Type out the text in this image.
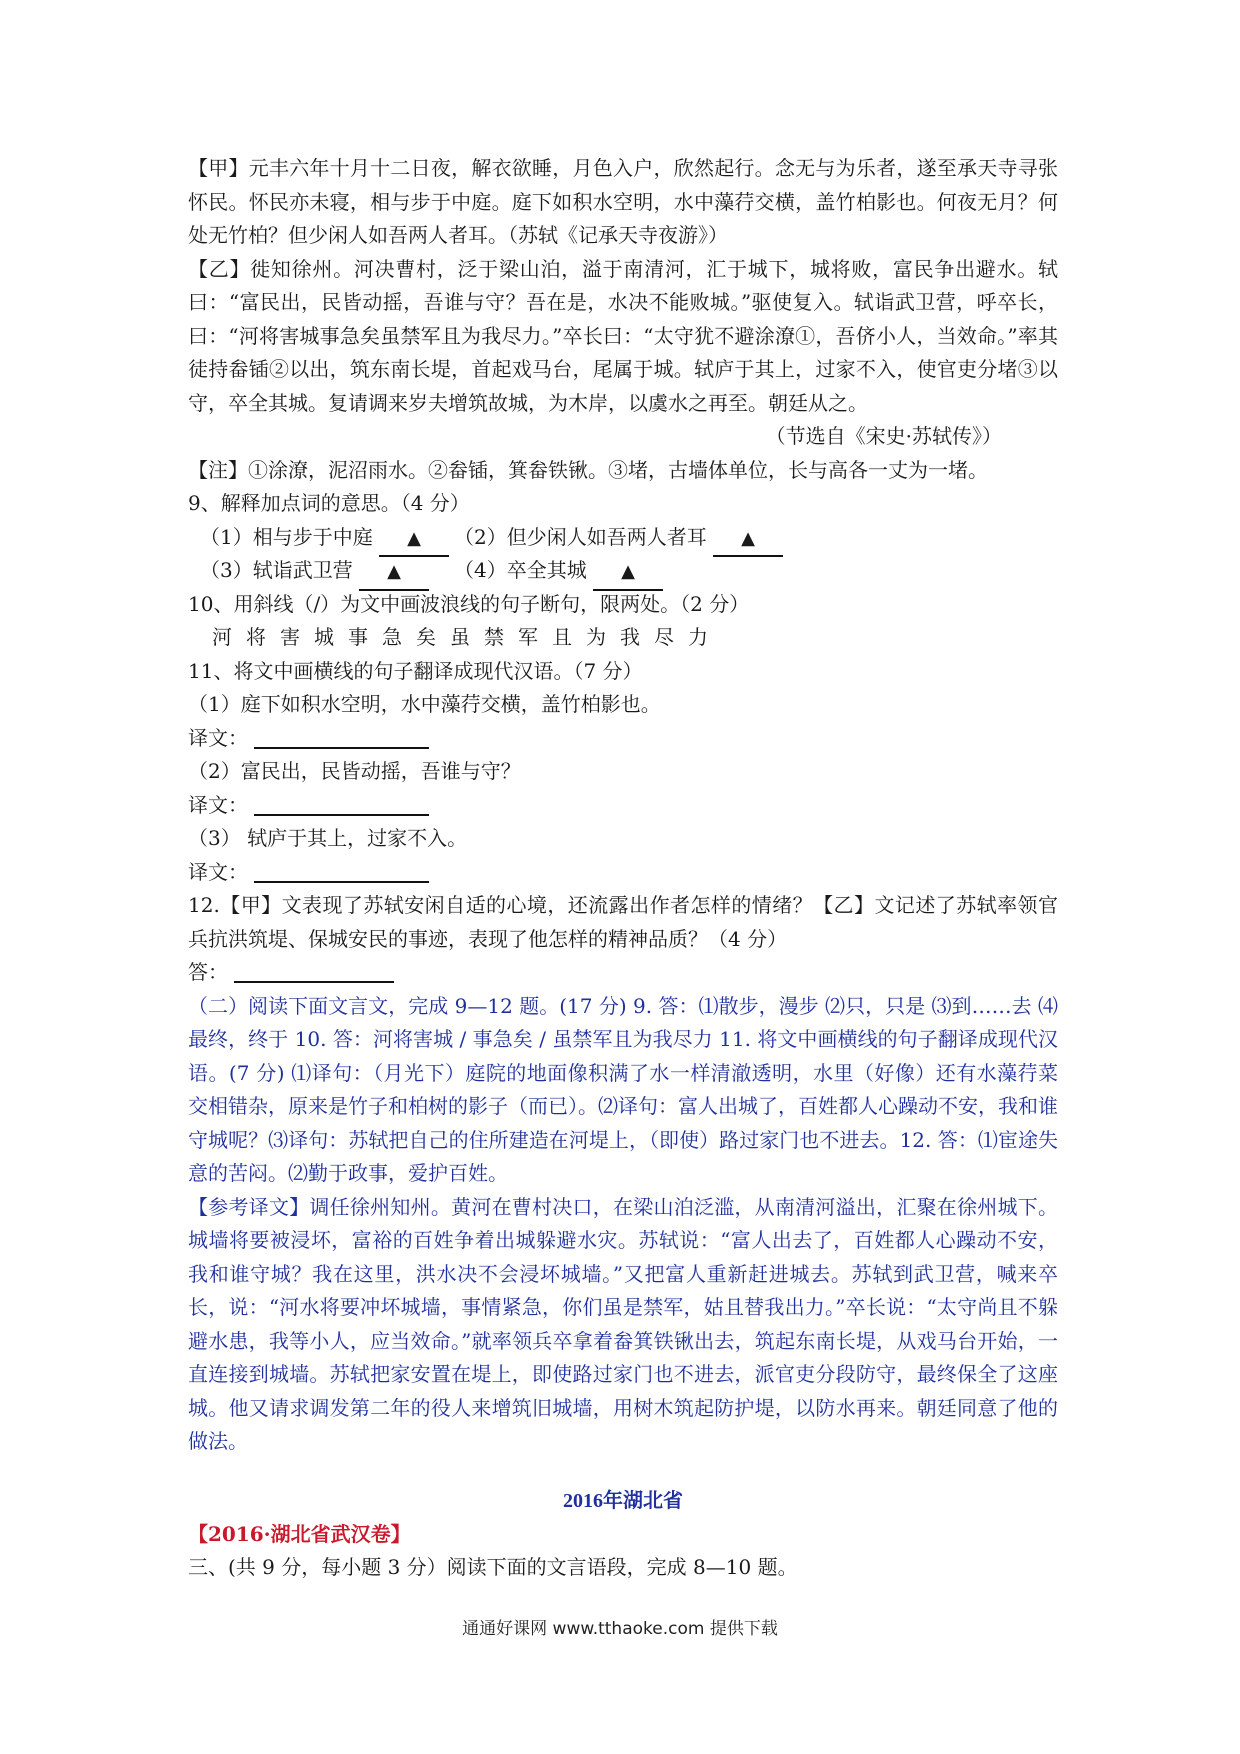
【甲】元丰六年十月十二日夜，解衣欲睡，月色入户，欣然起行。念无与为乐者，遂至承天寺寻张怀民。怀民亦未寝，相与步于中庭。庭下如积水空明，水中藻荇交横，盖竹柏影也。何夜无月？何处无竹柏？但少闲人如吾两人者耳。（苏轼《记承天寺夜游》）

【乙】徙知徐州。河决曹村，泛于梁山泊，溢于南清河，汇于城下，城将败，富民争出避水。轼曰：“富民出，民皆动摇，吾谁与守？吾在是，水决不能败城。”驱使复入。轼诣武卫营，呼卒长，曰：“河将害城事急矣虽禁军且为我尽力。”卒长曰：“太守犹不避涂潦①，吾侪小人，当效命。”率其徒持畚锸②以出，筑东南长堤，首起戏马台，尾属于城。轼庐于其上，过家不入，使官吏分堵③以守，卒全其城。复请调来岁夫增筑故城，为木岸，以虞水之再至。朝廷从之。

（节选自《宋史·苏轼传》）

【注】①涂潦，泥沼雨水。②畚锸，箕畚铁锹。③堵，古墙体单位，长与高各一丈为一堵。

9、解释加点词的意思。（4 分）

（1）相与步于中庭 ▲	（2）但少闲人如吾两人者耳 ▲
（3）轼诣武卫营 ▲	（4）卒全其城 ▲

10、用斜线（/）为文中画波浪线的句子断句，限两处。（2 分）

河将害城事急矣虽禁军且为我尽力

11、将文中画横线的句子翻译成现代汉语。（7 分）

（1）庭下如积水空明，水中藻荇交横，盖竹柏影也。

译文：

（2）富民出，民皆动摇，吾谁与守？

译文：

（3） 轼庐于其上，过家不入。

译文：

12.【甲】文表现了苏轼安闲自适的心境，还流露出作者怎样的情绪？【乙】文记述了苏轼率领官兵抗洪筑堤、保城安民的事迹，表现了他怎样的精神品质？（4 分）

答：

（二）阅读下面文言文，完成 9—12 题。(17 分) 9. 答：⑴散步，漫步 ⑵只，只是 ⑶到……去 ⑷最终，终于 10. 答：河将害城 / 事急矣 / 虽禁军且为我尽力 11. 将文中画横线的句子翻译成现代汉语。(7 分) ⑴译句：（月光下）庭院的地面像积满了水一样清澈透明，水里（好像）还有水藻荇菜交相错杂，原来是竹子和柏树的影子（而已）。⑵译句：富人出城了，百姓都人心躁动不安，我和谁守城呢？⑶译句：苏轼把自己的住所建造在河堤上，（即使）路过家门也不进去。12. 答：⑴宦途失意的苦闷。⑵勤于政事，爱护百姓。

【参考译文】调任徐州知州。黄河在曹村决口，在梁山泊泛滥，从南清河溢出，汇聚在徐州城下。城墙将要被浸坏，富裕的百姓争着出城躲避水灾。苏轼说：“富人出去了，百姓都人心躁动不安，我和谁守城？我在这里，洪水决不会浸坏城墙。”又把富人重新赶进城去。苏轼到武卫营，喊来卒长，说：“河水将要冲坏城墙，事情紧急，你们虽是禁军，姑且替我出力。”卒长说：“太守尚且不躲避水患，我等小人，应当效命。”就率领兵卒拿着畚箕铁锹出去，筑起东南长堤，从戏马台开始，一直连接到城墙。苏轼把家安置在堤上，即使路过家门也不进去，派官吏分段防守，最终保全了这座城。他又请求调发第二年的役人来增筑旧城墙，用树木筑起防护堤，以防水再来。朝廷同意了他的做法。

2016年湖北省
【2016·湖北省武汉卷】

三、(共 9 分，每小题 3 分）阅读下面的文言语段，完成 8—10 题。

通通好课网 www.tthaoke.com 提供下载
